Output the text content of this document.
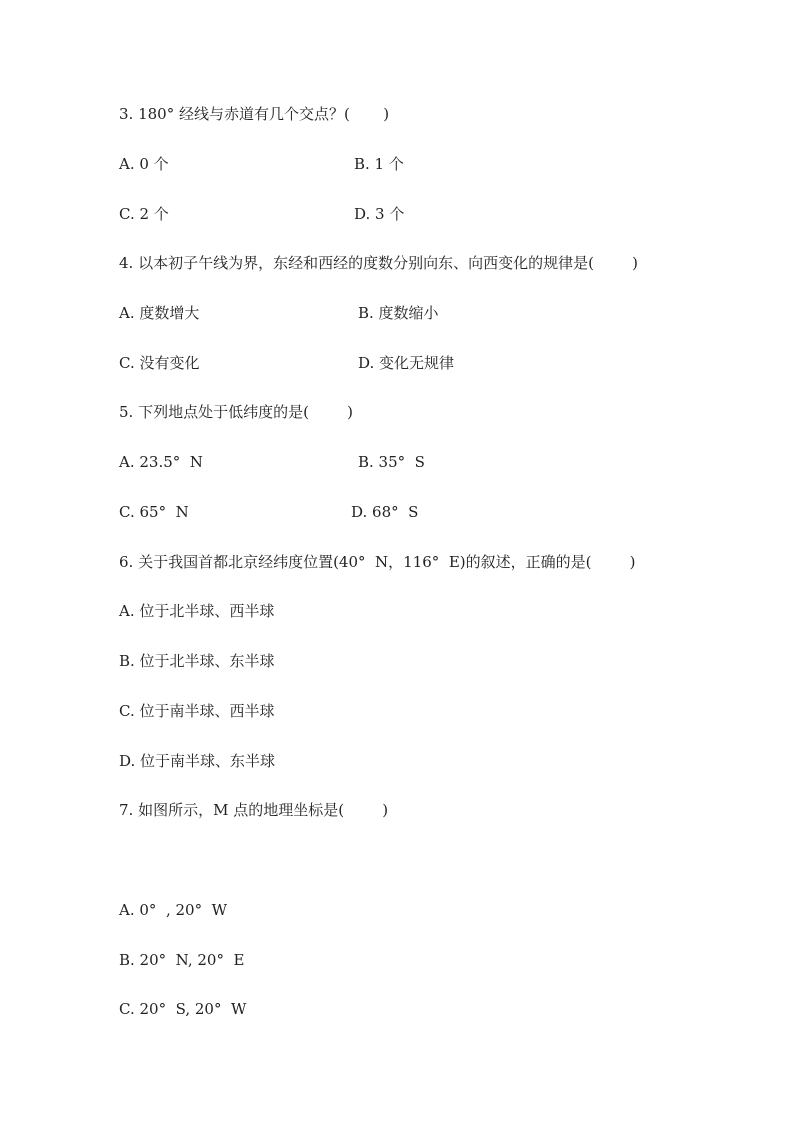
3. 180° 经线与赤道有几个交点？(       )
A. 0 个	B. 1 个
C. 2 个	D. 3 个
4. 以本初子午线为界，东经和西经的度数分别向东、向西变化的规律是(        )
A. 度数增大	B. 度数缩小
C. 没有变化	D. 变化无规律
5. 下列地点处于低纬度的是(        )
A. 23.5°  N	B. 35°  S
C. 65°  N	D. 68°  S
6. 关于我国首都北京经纬度位置(40°  N，116°  E)的叙述，正确的是(        )
A. 位于北半球、西半球
B. 位于北半球、东半球
C. 位于南半球、西半球
D. 位于南半球、东半球
7. 如图所示，M 点的地理坐标是(        )
A. 0°  , 20°  W
B. 20°  N, 20°  E
C. 20°  S, 20°  W
